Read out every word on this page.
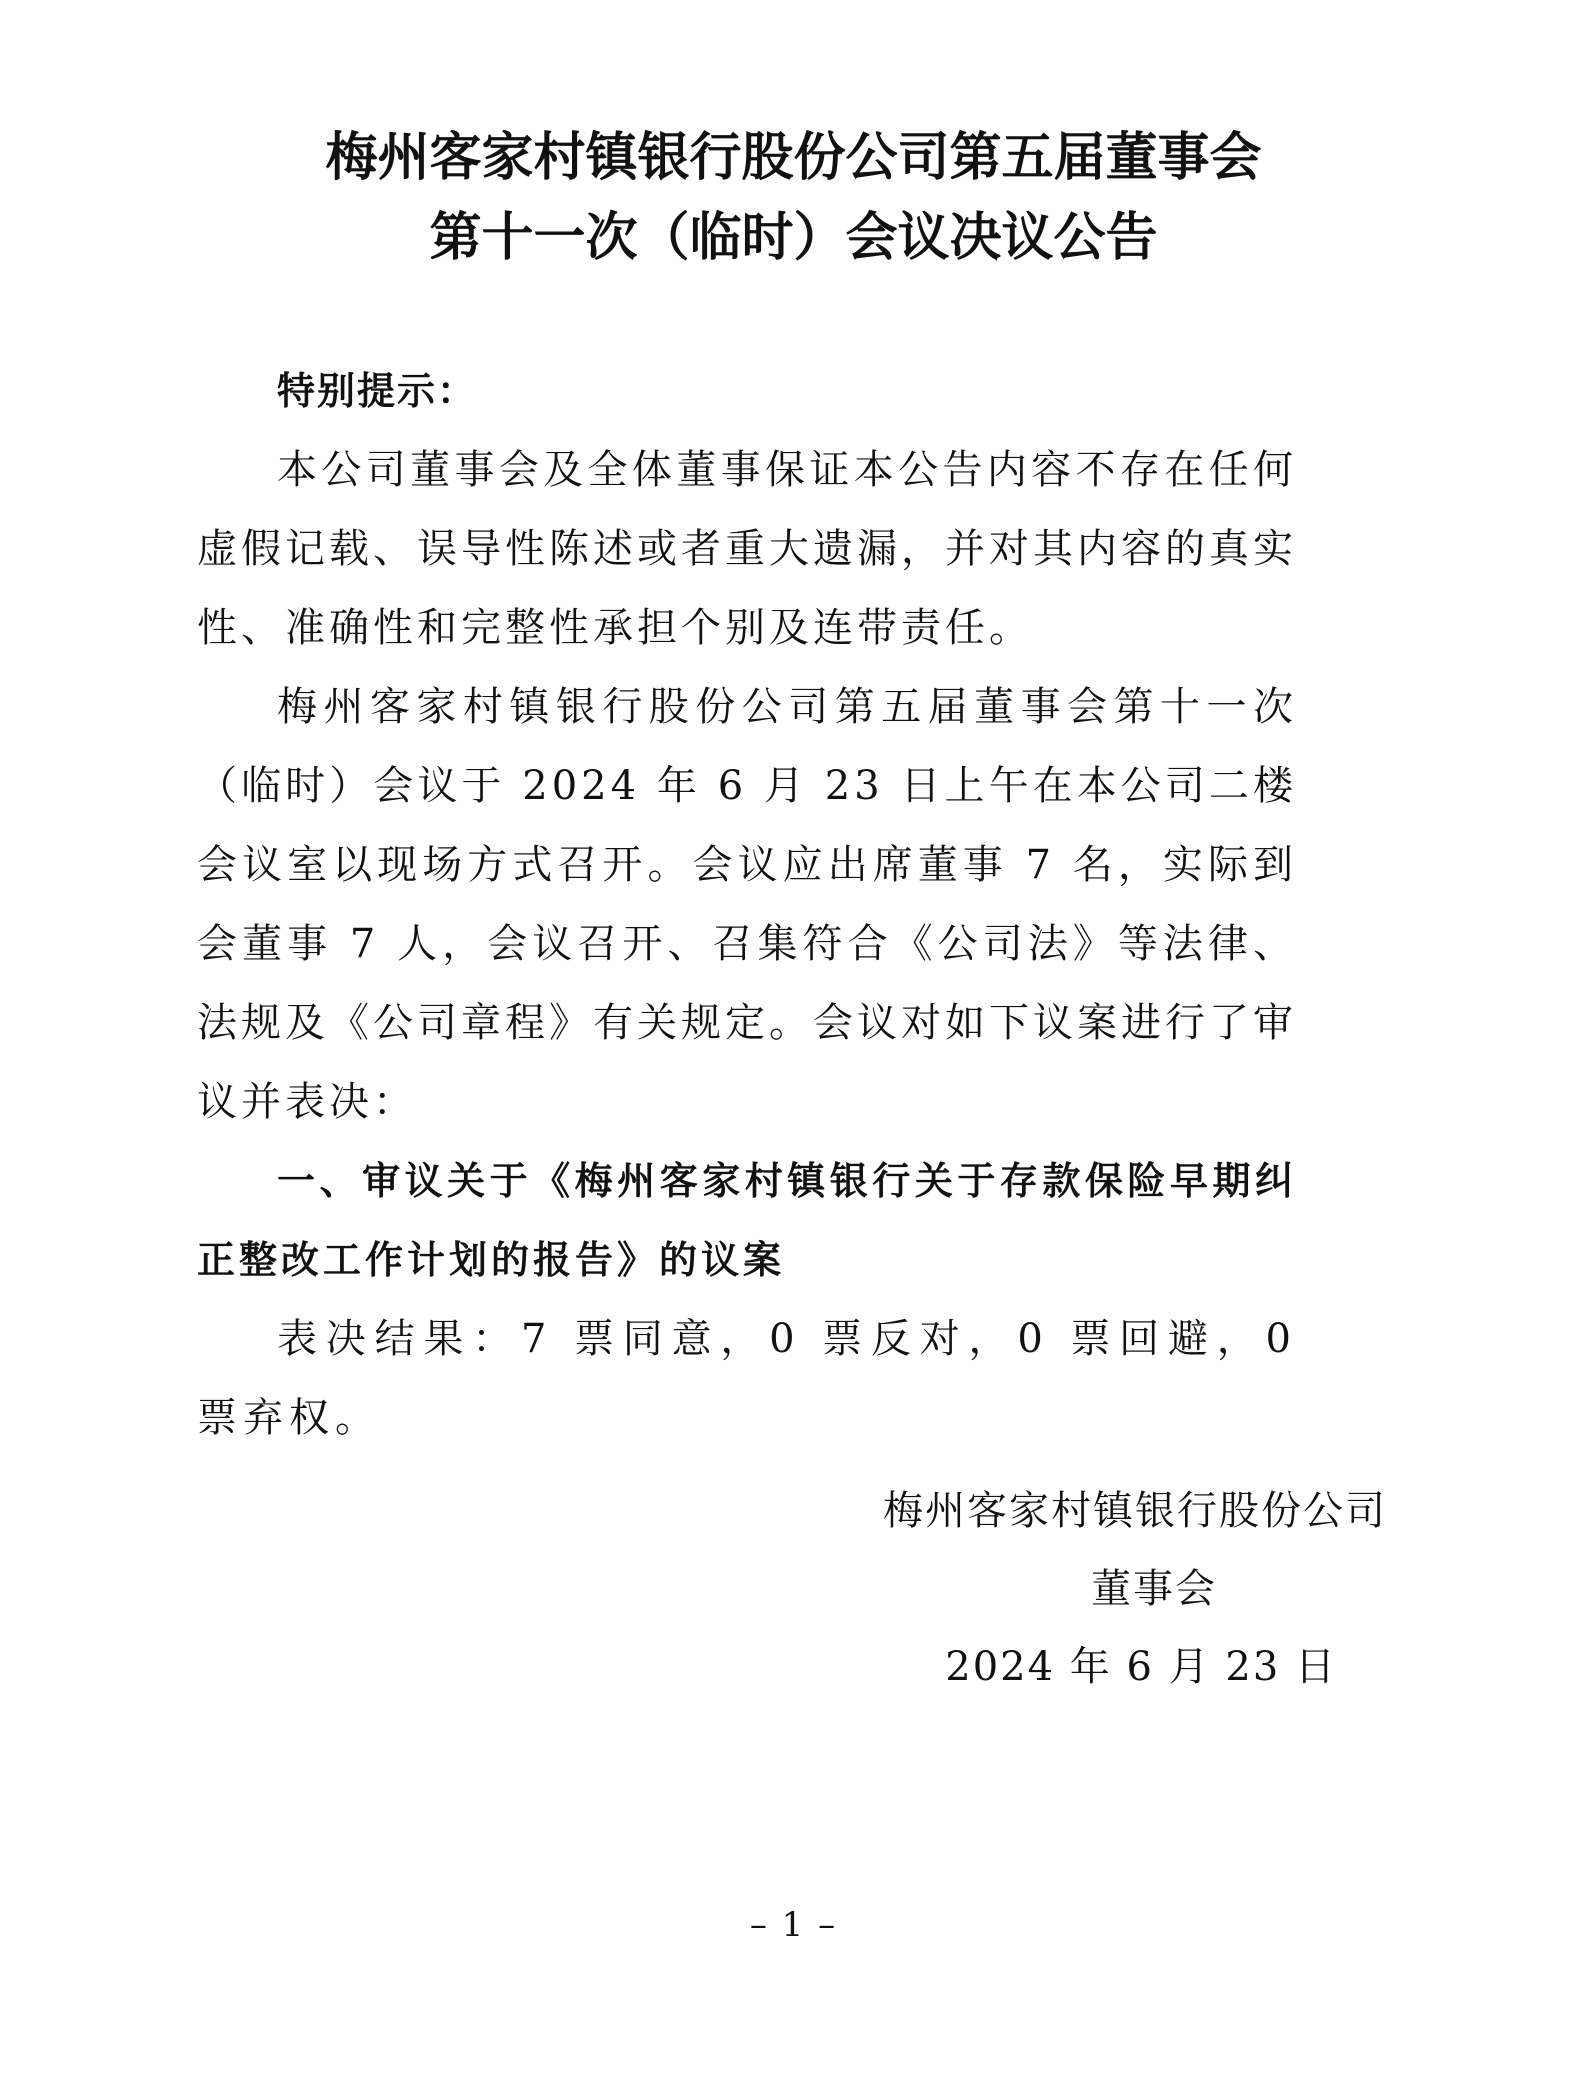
梅州客家村镇银行股份公司第五届董事会
第十一次（临时）会议决议公告

特别提示：

本公司董事会及全体董事保证本公告内容不存在任何虚假记载、误导性陈述或者重大遗漏，并对其内容的真实性、准确性和完整性承担个别及连带责任。

梅州客家村镇银行股份公司第五届董事会第十一次（临时）会议于 2024 年 6 月 23 日上午在本公司二楼会议室以现场方式召开。会议应出席董事 7 名，实际到会董事 7 人，会议召开、召集符合《公司法》等法律、法规及《公司章程》有关规定。会议对如下议案进行了审议并表决：

一、审议关于《梅州客家村镇银行关于存款保险早期纠正整改工作计划的报告》的议案

表决结果：7 票同意，0 票反对，0 票回避，0 票弃权。

梅州客家村镇银行股份公司
董事会
2024 年 6 月 23 日
– 1 –
